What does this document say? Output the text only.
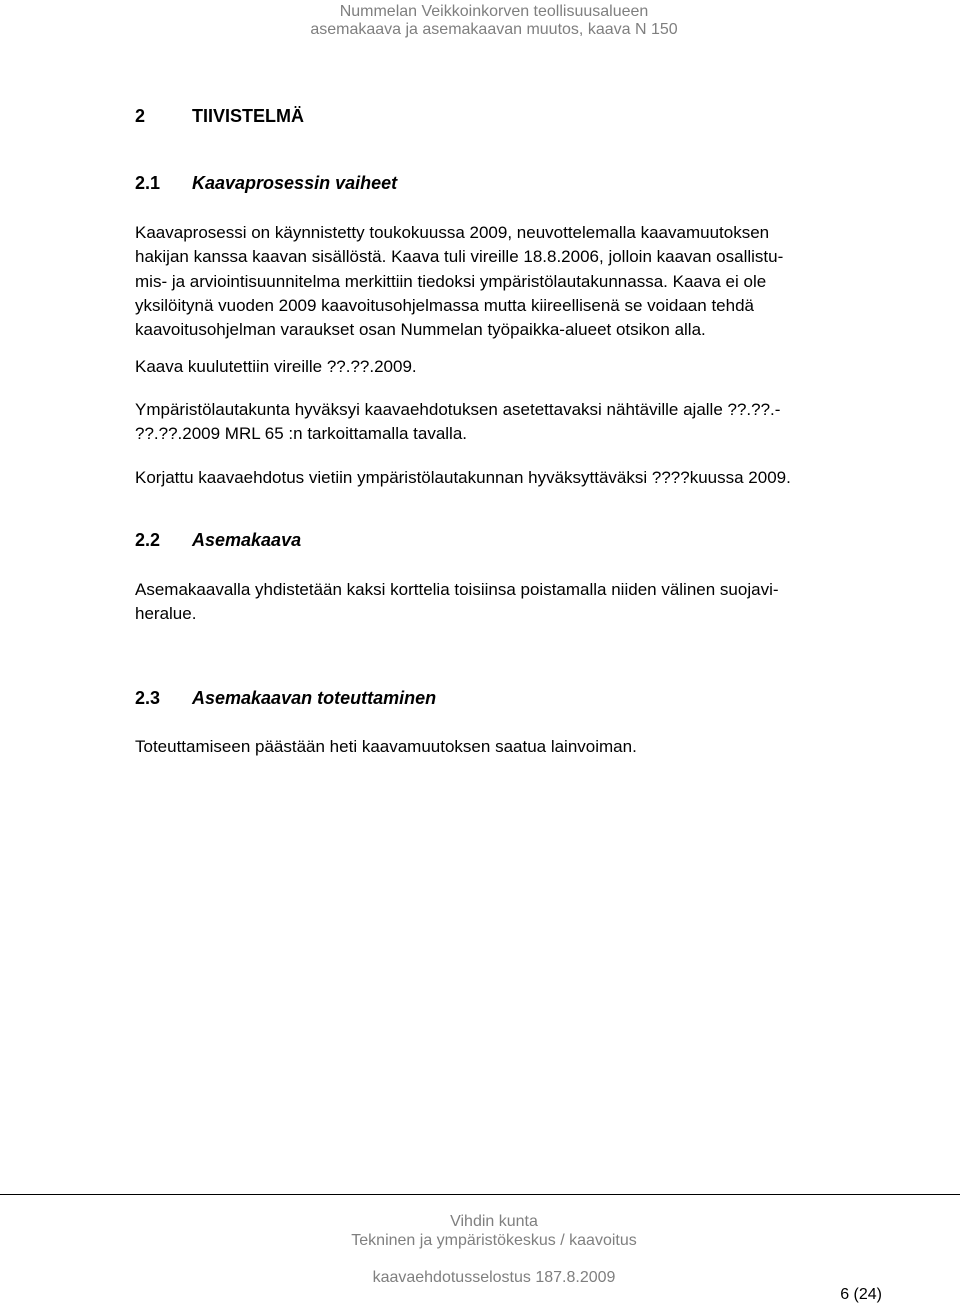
Nummelan Veikkoinkorven teollisuusalueen
asemakaava ja asemakaavan muutos, kaava N 150
2	TIIVISTELMÄ
2.1 Kaavaprosessin vaiheet
Kaavaprosessi on käynnistetty toukokuussa 2009, neuvottelemalla kaavamuutoksen
hakijan kanssa kaavan sisällöstä. Kaava tuli vireille 18.8.2006, jolloin kaavan osallistu-
mis- ja arviointisuunnitelma merkittiin tiedoksi ympäristölautakunnassa. Kaava ei ole
yksilöitynä vuoden 2009 kaavoitusohjelmassa mutta kiireellisenä se voidaan tehdä
kaavoitusohjelman varaukset osan Nummelan työpaikka-alueet otsikon alla.
Kaava kuulutettiin vireille ??.??.2009.
Ympäristölautakunta hyväksyi kaavaehdotuksen asetettavaksi nähtäville ajalle ??.??.-
??.??.2009 MRL 65 :n tarkoittamalla tavalla.
Korjattu kaavaehdotus vietiin ympäristölautakunnan hyväksyttäväksi ????kuussa 2009.
2.2 Asemakaava
Asemakaavalla yhdistetään kaksi korttelia toisiinsa poistamalla niiden välinen suojavi-
heralue.
2.3 Asemakaavan toteuttaminen
Toteuttamiseen päästään heti kaavamuutoksen saatua lainvoiman.
Vihdin kunta
Tekninen ja ympäristökeskus / kaavoitus
kaavaehdotusselostus 187.8.2009
6 (24)
